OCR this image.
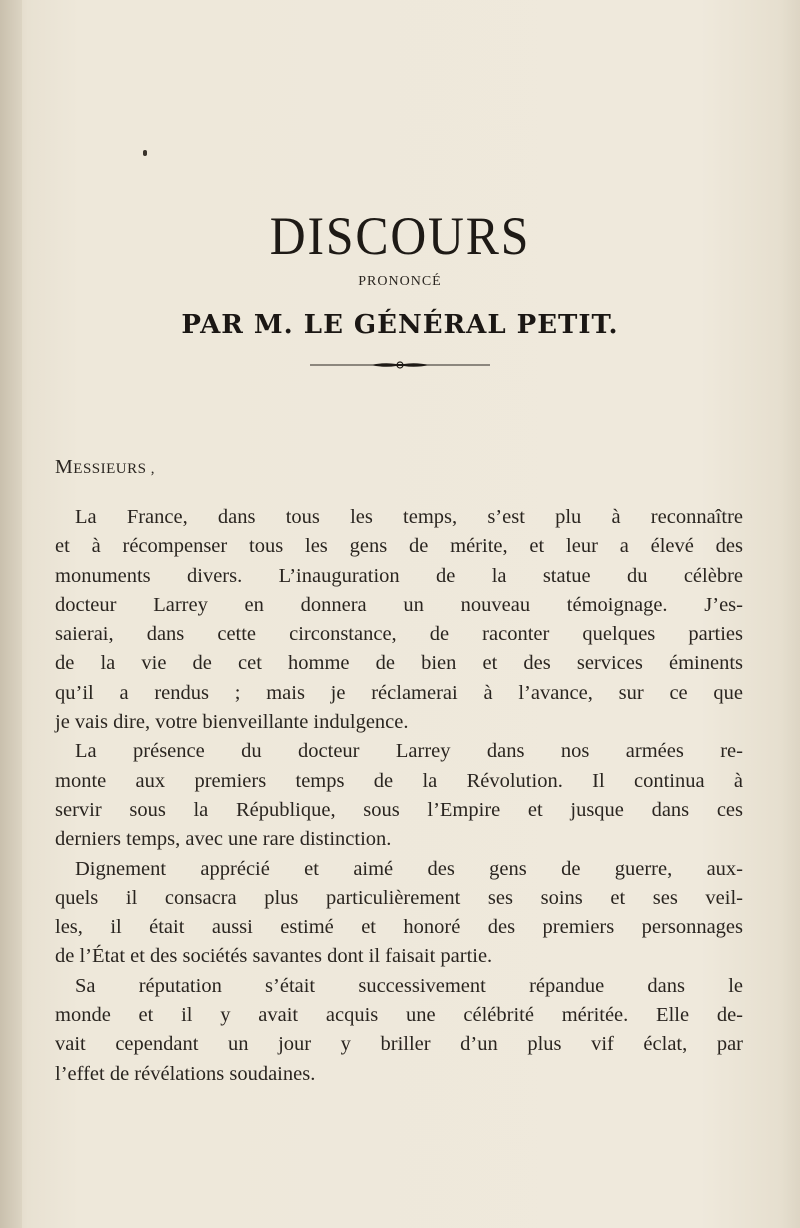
DISCOURS
PRONONCÉ
PAR M. LE GÉNÉRAL PETIT.
MESSIEURS ,
La France, dans tous les temps, s’est plu à reconnaître
et à récompenser tous les gens de mérite, et leur a élevé des
monuments divers. L’inauguration de la statue du célèbre
docteur Larrey en donnera un nouveau témoignage. J’es-
saierai, dans cette circonstance, de raconter quelques parties
de la vie de cet homme de bien et des services éminents
qu’il a rendus ; mais je réclamerai à l’avance, sur ce que
je vais dire, votre bienveillante indulgence.
La présence du docteur Larrey dans nos armées re-
monte aux premiers temps de la Révolution. Il continua à
servir sous la République, sous l’Empire et jusque dans ces
derniers temps, avec une rare distinction.
Dignement apprécié et aimé des gens de guerre, aux-
quels il consacra plus particulièrement ses soins et ses veil-
les, il était aussi estimé et honoré des premiers personnages
de l’État et des sociétés savantes dont il faisait partie.
Sa réputation s’était successivement répandue dans le
monde et il y avait acquis une célébrité méritée. Elle de-
vait cependant un jour y briller d’un plus vif éclat, par
l’effet de révélations soudaines.
